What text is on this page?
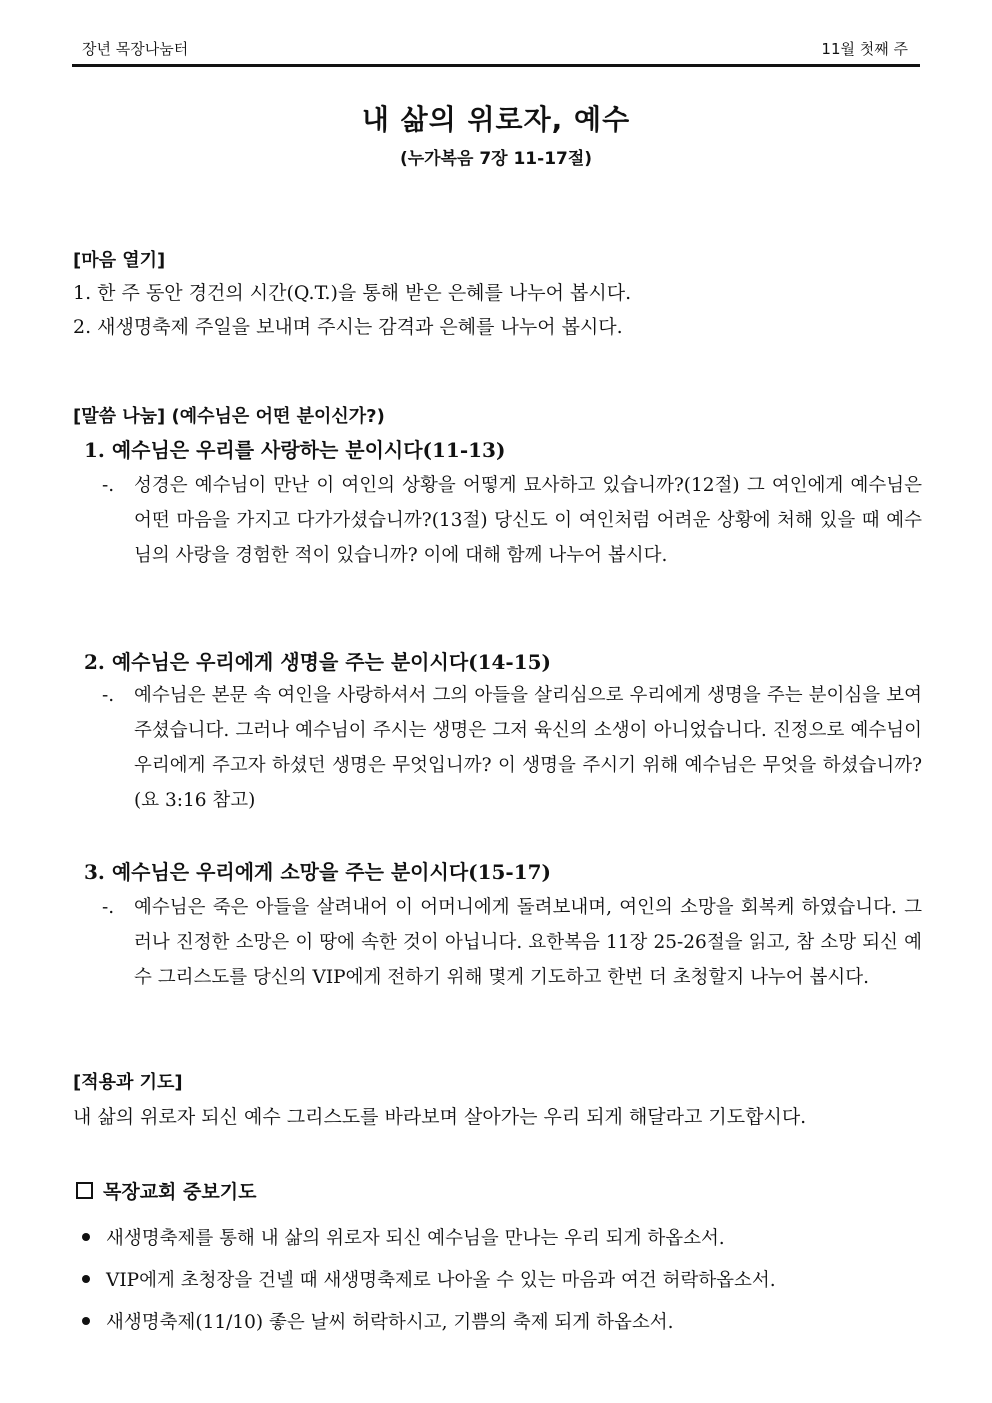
장년 목장나눔터	11월 첫째 주
내 삶의 위로자, 예수
(누가복음 7장 11-17절)
[마음 열기]
1. 한 주 동안 경건의 시간(Q.T.)을 통해 받은 은혜를 나누어 봅시다.
2. 새생명축제 주일을 보내며 주시는 감격과 은혜를 나누어 봅시다.
[말씀 나눔] (예수님은 어떤 분이신가?)
1. 예수님은 우리를 사랑하는 분이시다(11-13)
-. 성경은 예수님이 만난 이 여인의 상황을 어떻게 묘사하고 있습니까?(12절) 그 여인에게 예수님은 어떤 마음을 가지고 다가가셨습니까?(13절) 당신도 이 여인처럼 어려운 상황에 처해 있을 때 예수님의 사랑을 경험한 적이 있습니까? 이에 대해 함께 나누어 봅시다.
2. 예수님은 우리에게 생명을 주는 분이시다(14-15)
-. 예수님은 본문 속 여인을 사랑하셔서 그의 아들을 살리심으로 우리에게 생명을 주는 분이심을 보여주셨습니다. 그러나 예수님이 주시는 생명은 그저 육신의 소생이 아니었습니다. 진정으로 예수님이 우리에게 주고자 하셨던 생명은 무엇입니까? 이 생명을 주시기 위해 예수님은 무엇을 하셨습니까?(요 3:16 참고)
3. 예수님은 우리에게 소망을 주는 분이시다(15-17)
-. 예수님은 죽은 아들을 살려내어 이 어머니에게 돌려보내며, 여인의 소망을 회복케 하였습니다. 그러나 진정한 소망은 이 땅에 속한 것이 아닙니다. 요한복음 11장 25-26절을 읽고, 참 소망 되신 예수 그리스도를 당신의 VIP에게 전하기 위해 몇게 기도하고 한번 더 초청할지 나누어 봅시다.
[적용과 기도]
내 삶의 위로자 되신 예수 그리스도를 바라보며 살아가는 우리 되게 해달라고 기도합시다.
목장교회 중보기도
새생명축제를 통해 내 삶의 위로자 되신 예수님을 만나는 우리 되게 하옵소서.
VIP에게 초청장을 건넬 때 새생명축제로 나아올 수 있는 마음과 여건 허락하옵소서.
새생명축제(11/10) 좋은 날씨 허락하시고, 기쁨의 축제 되게 하옵소서.
